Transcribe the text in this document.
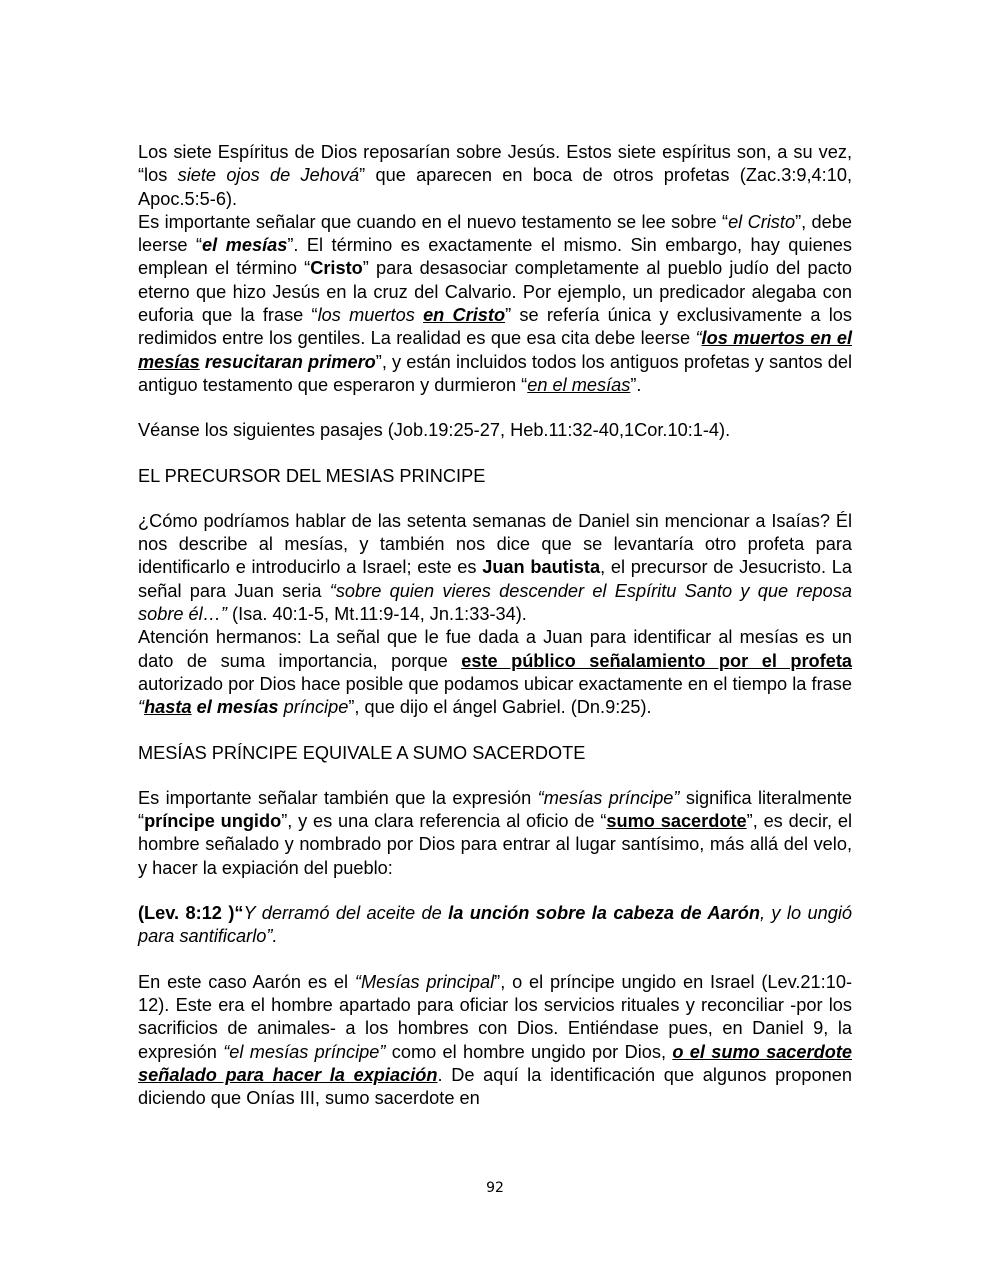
Los siete Espíritus de Dios reposarían sobre Jesús. Estos siete espíritus son, a su vez, “los siete ojos de Jehová” que aparecen en boca de otros profetas (Zac.3:9,4:10, Apoc.5:5-6).

Es importante señalar que cuando en el nuevo testamento se lee sobre “el Cristo”, debe leerse “el mesías”. El término es exactamente el mismo. Sin embargo, hay quienes emplean el término “Cristo” para desasociar completamente al pueblo judío del pacto eterno que hizo Jesús en la cruz del Calvario. Por ejemplo, un predicador alegaba con euforia que la frase “los muertos en Cristo” se refería única y exclusivamente a los redimidos entre los gentiles. La realidad es que esa cita debe leerse “los muertos en el mesías resucitaran primero”, y están incluidos todos los antiguos profetas y santos del antiguo testamento que esperaron y durmieron “en el mesías”.

Véanse los siguientes pasajes (Job.19:25-27, Heb.11:32-40,1Cor.10:1-4).

EL PRECURSOR DEL MESIAS PRINCIPE

¿Cómo podríamos hablar de las setenta semanas de Daniel sin mencionar a Isaías? Él nos describe al mesías, y también nos dice que se levantaría otro profeta para identificarlo e introducirlo a Israel; este es Juan bautista, el precursor de Jesucristo. La señal para Juan seria “sobre quien vieres descender el Espíritu Santo y que reposa sobre él…” (Isa. 40:1-5, Mt.11:9-14, Jn.1:33-34).

Atención hermanos: La señal que le fue dada a Juan para identificar al mesías es un dato de suma importancia, porque este público señalamiento por el profeta autorizado por Dios hace posible que podamos ubicar exactamente en el tiempo la frase “hasta el mesías príncipe”, que dijo el ángel Gabriel. (Dn.9:25).

MESÍAS PRÍNCIPE EQUIVALE A SUMO SACERDOTE

Es importante señalar también que la expresión “mesías príncipe” significa literalmente “príncipe ungido”, y es una clara referencia al oficio de “sumo sacerdote”, es decir, el hombre señalado y nombrado por Dios para entrar al lugar santísimo, más allá del velo, y hacer la expiación del pueblo:

(Lev. 8:12 )“Y derramó del aceite de la unción sobre la cabeza de Aarón, y lo ungió para santificarlo”.

En este caso Aarón es el “Mesías principal”, o el príncipe ungido en Israel (Lev.21:10-12). Este era el hombre apartado para oficiar los servicios rituales y reconciliar -por los sacrificios de animales- a los hombres con Dios. Entiéndase pues, en Daniel 9, la expresión “el mesías príncipe” como el hombre ungido por Dios, o el sumo sacerdote señalado para hacer la expiación. De aquí la identificación que algunos proponen diciendo que Onías III, sumo sacerdote en

92
